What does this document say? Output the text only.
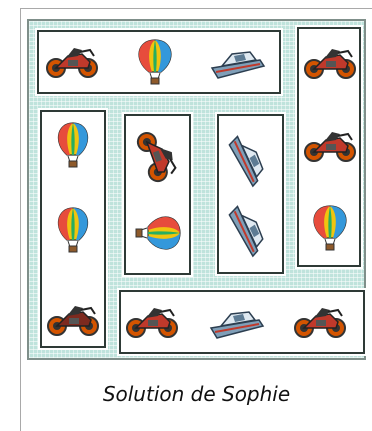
Solution de Sophie
